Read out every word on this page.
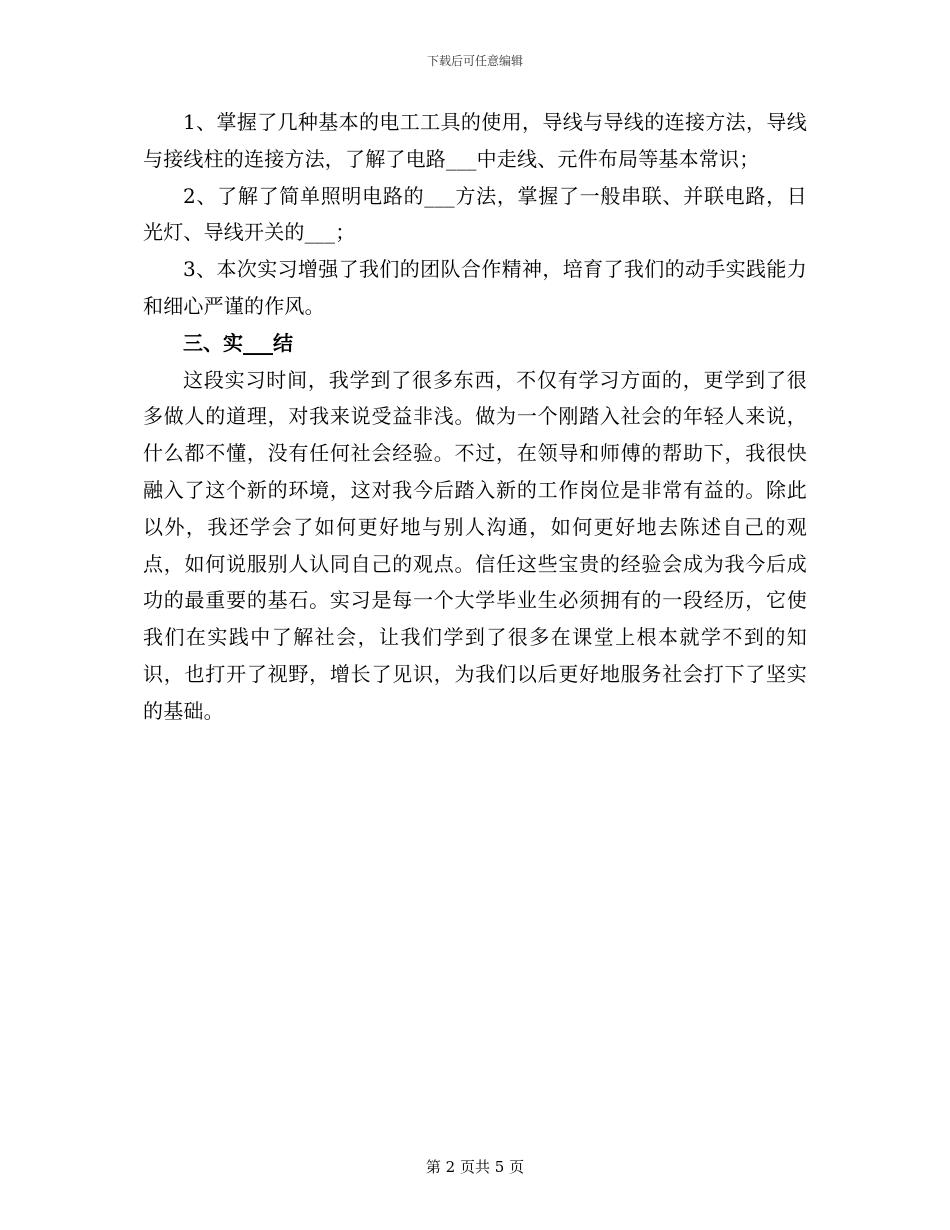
下载后可任意编辑

1、掌握了几种基本的电工工具的使用，导线与导线的连接方法，导线与接线柱的连接方法，了解了电路___中走线、元件布局等基本常识；

2、了解了简单照明电路的___方法，掌握了一般串联、并联电路，日光灯、导线开关的___；

3、本次实习增强了我们的团队合作精神，培育了我们的动手实践能力和细心严谨的作风。

三、实___结

这段实习时间，我学到了很多东西，不仅有学习方面的，更学到了很多做人的道理，对我来说受益非浅。做为一个刚踏入社会的年轻人来说，什么都不懂，没有任何社会经验。不过，在领导和师傅的帮助下，我很快融入了这个新的环境，这对我今后踏入新的工作岗位是非常有益的。除此以外，我还学会了如何更好地与别人沟通，如何更好地去陈述自己的观点，如何说服别人认同自己的观点。信任这些宝贵的经验会成为我今后成功的最重要的基石。实习是每一个大学毕业生必须拥有的一段经历，它使我们在实践中了解社会，让我们学到了很多在课堂上根本就学不到的知识，也打开了视野，增长了见识，为我们以后更好地服务社会打下了坚实的基础。

第 2 页共 5 页
